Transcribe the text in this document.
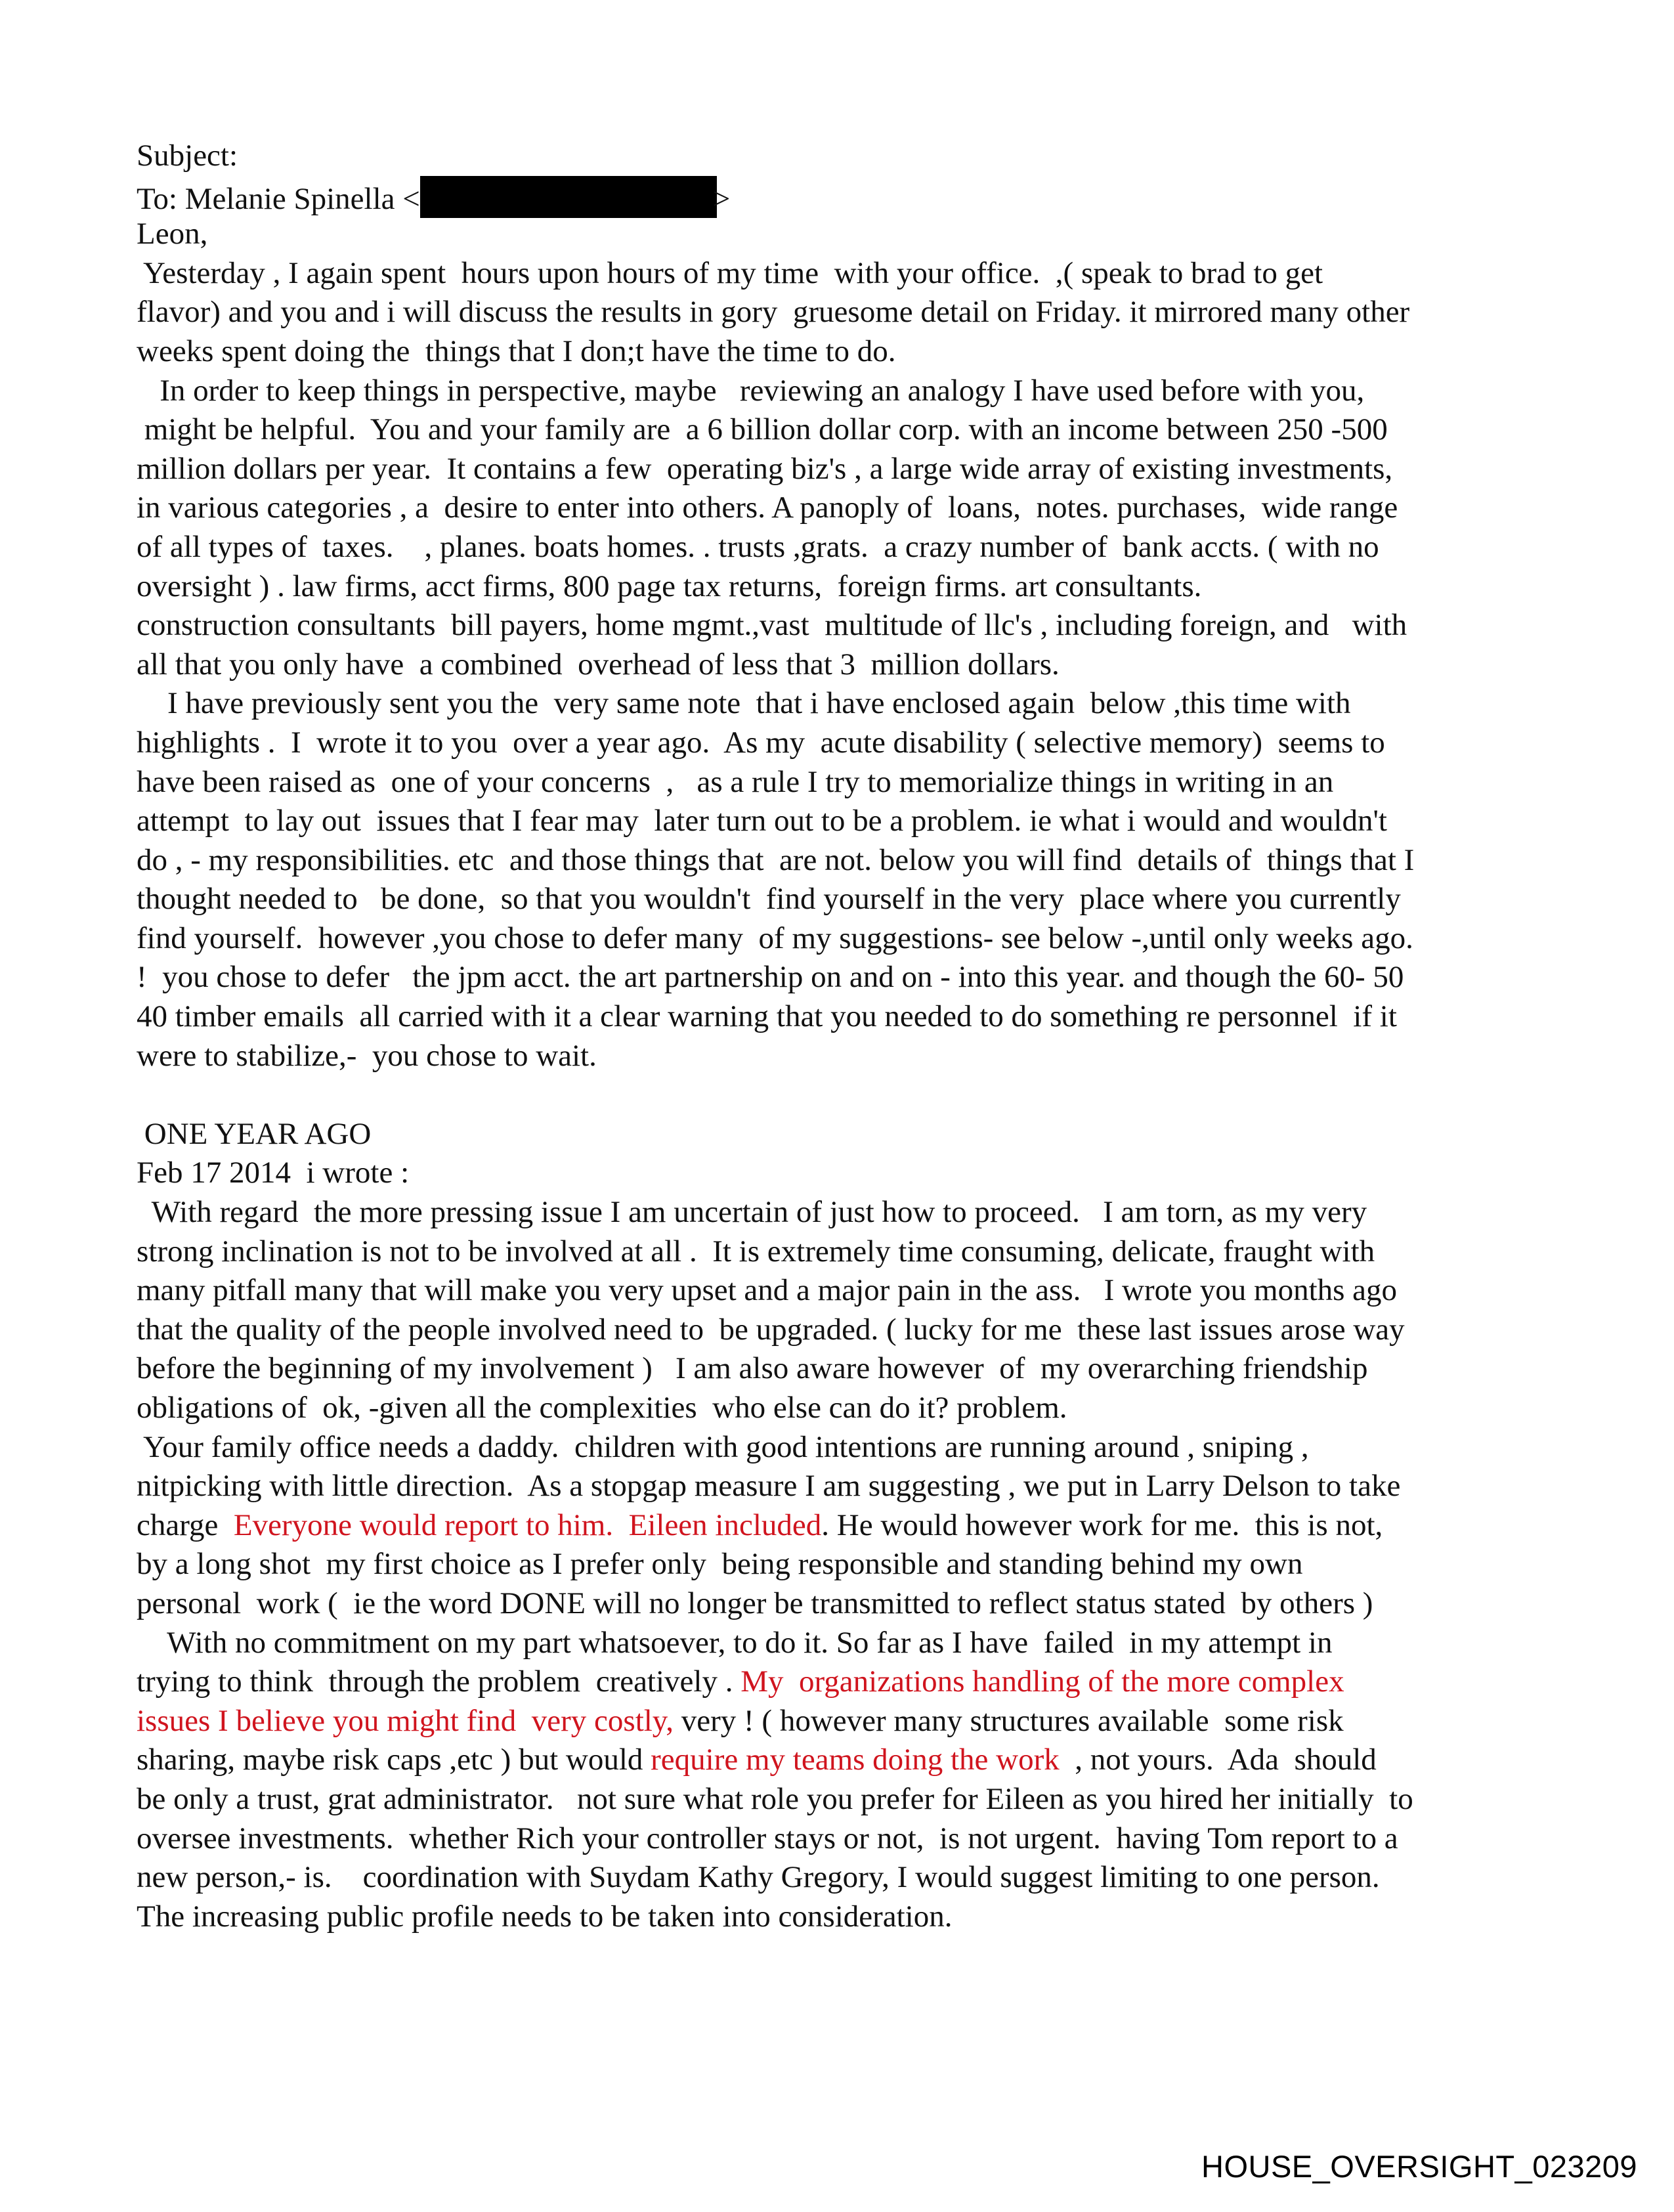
Subject:
To: Melanie Spinella <	>
Leon,
Yesterday , I again spent  hours upon hours of my time  with your office.  ,( speak to brad to get
flavor) and you and i will discuss the results in gory  gruesome detail on Friday. it mirrored many other
weeks spent doing the  things that I don;t have the time to do.
In order to keep things in perspective, maybe   reviewing an analogy I have used before with you,
might be helpful.  You and your family are  a 6 billion dollar corp. with an income between 250 -500
million dollars per year.  It contains a few  operating biz's , a large wide array of existing investments,
in various categories , a  desire to enter into others. A panoply of  loans,  notes. purchases,  wide range
of all types of  taxes.    , planes. boats homes. . trusts ,grats.  a crazy number of  bank accts. ( with no
oversight ) . law firms, acct firms, 800 page tax returns,  foreign firms. art consultants.
construction consultants  bill payers, home mgmt.,vast  multitude of llc's , including foreign, and   with
all that you only have  a combined  overhead of less that 3  million dollars.
I have previously sent you the  very same note  that i have enclosed again  below ,this time with
highlights .  I  wrote it to you  over a year ago.  As my  acute disability ( selective memory)  seems to
have been raised as  one of your concerns  ,   as a rule I try to memorialize things in writing in an
attempt  to lay out  issues that I fear may  later turn out to be a problem. ie what i would and wouldn't
do , - my responsibilities. etc  and those things that  are not. below you will find  details of  things that I
thought needed to   be done,  so that you wouldn't  find yourself in the very  place where you currently
find yourself.  however ,you chose to defer many  of my suggestions- see below -,until only weeks ago.
!  you chose to defer   the jpm acct. the art partnership on and on - into this year. and though the 60- 50
40 timber emails  all carried with it a clear warning that you needed to do something re personnel  if it
were to stabilize,-  you chose to wait.
ONE YEAR AGO
Feb 17 2014  i wrote :
With regard  the more pressing issue I am uncertain of just how to proceed.   I am torn, as my very
strong inclination is not to be involved at all .  It is extremely time consuming, delicate, fraught with
many pitfall many that will make you very upset and a major pain in the ass.   I wrote you months ago
that the quality of the people involved need to  be upgraded. ( lucky for me  these last issues arose way
before the beginning of my involvement )   I am also aware however  of  my overarching friendship
obligations of  ok, -given all the complexities  who else can do it? problem.
Your family office needs a daddy.  children with good intentions are running around , sniping ,
nitpicking with little direction.  As a stopgap measure I am suggesting , we put in Larry Delson to take
charge  Everyone would report to him.  Eileen included. He would however work for me.  this is not,
by a long shot  my first choice as I prefer only  being responsible and standing behind my own
personal  work (  ie the word DONE will no longer be transmitted to reflect status stated  by others )
With no commitment on my part whatsoever, to do it. So far as I have  failed  in my attempt in
trying to think  through the problem  creatively . My  organizations handling of the more complex
issues I believe you might find  very costly, very ! ( however many structures available  some risk
sharing, maybe risk caps ,etc ) but would require my teams doing the work  , not yours.  Ada  should
be only a trust, grat administrator.   not sure what role you prefer for Eileen as you hired her initially  to
oversee investments.  whether Rich your controller stays or not,  is not urgent.  having Tom report to a
new person,- is.    coordination with Suydam Kathy Gregory, I would suggest limiting to one person.
The increasing public profile needs to be taken into consideration.
HOUSE_OVERSIGHT_023209
